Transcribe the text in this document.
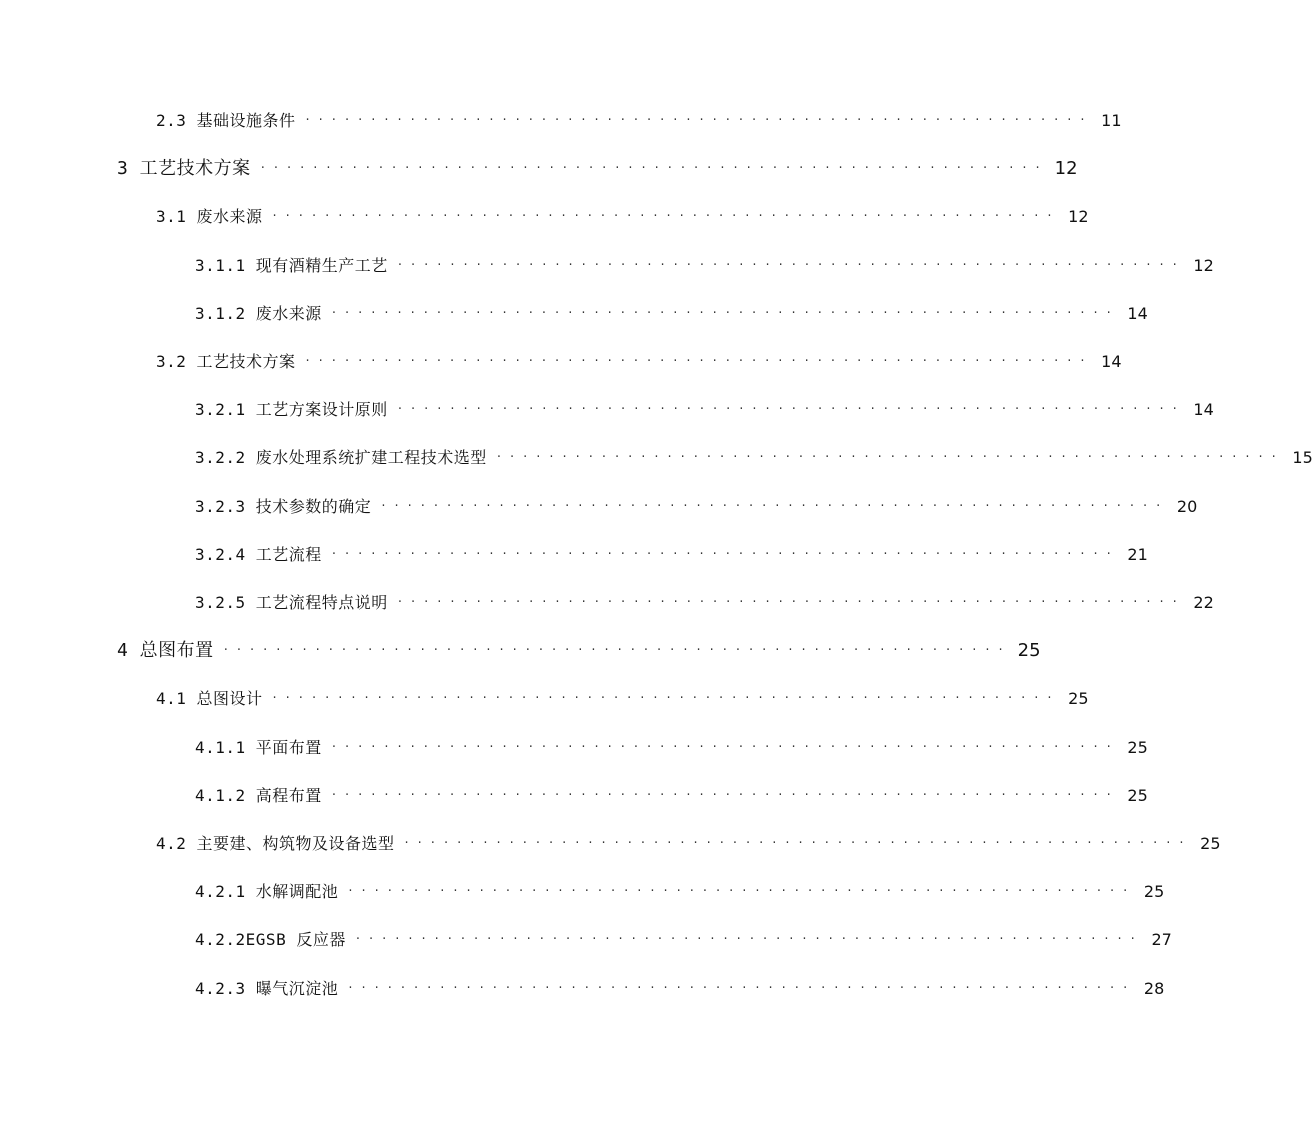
2.3 基础设施条件 ···························································· 11
3 工艺技术方案 ···························································· 12
3.1 废水来源 ···························································· 12
3.1.1 现有酒精生产工艺 ···························································· 12
3.1.2 废水来源 ···························································· 14
3.2 工艺技术方案 ···························································· 14
3.2.1 工艺方案设计原则 ···························································· 14
3.2.2 废水处理系统扩建工程技术选型 ···························································· 15
3.2.3 技术参数的确定 ···························································· 20
3.2.4 工艺流程 ···························································· 21
3.2.5 工艺流程特点说明 ···························································· 22
4 总图布置 ···························································· 25
4.1 总图设计 ···························································· 25
4.1.1 平面布置 ···························································· 25
4.1.2 高程布置 ···························································· 25
4.2 主要建、构筑物及设备选型 ···························································· 25
4.2.1 水解调配池 ···························································· 25
4.2.2EGSB 反应器 ···························································· 27
4.2.3 曝气沉淀池 ···························································· 28
